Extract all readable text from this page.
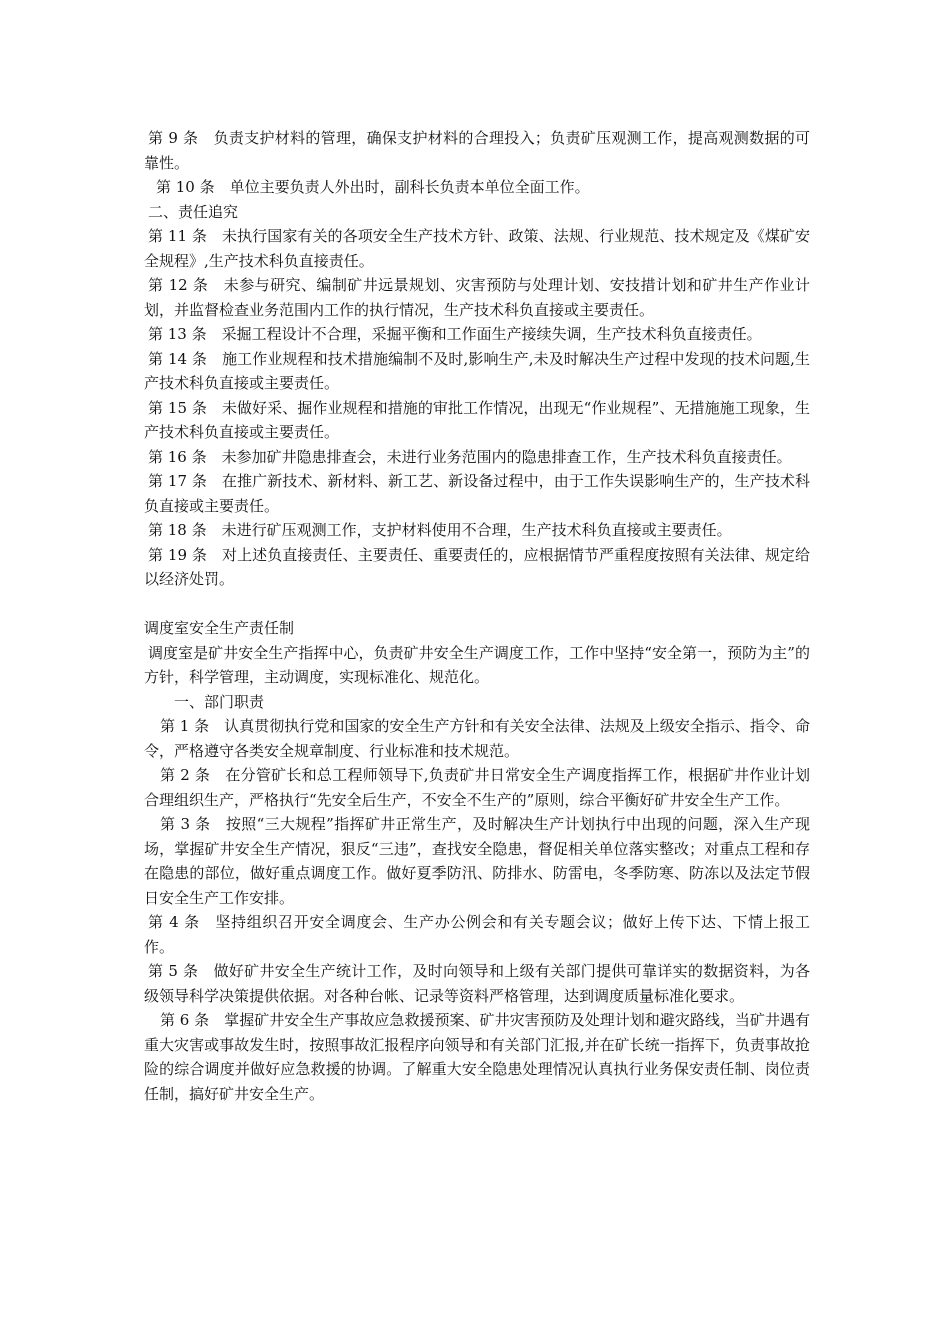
第 9 条　负责支护材料的管理，确保支护材料的合理投入；负责矿压观测工作，提高观测数据的可靠性。

第 10 条　单位主要负责人外出时，副科长负责本单位全面工作。

二、责任追究

第 11 条　未执行国家有关的各项安全生产技术方针、政策、法规、行业规范、技术规定及《煤矿安全规程》,生产技术科负直接责任。

第 12 条　未参与研究、编制矿井远景规划、灾害预防与处理计划、安技措计划和矿井生产作业计划，并监督检查业务范围内工作的执行情况，生产技术科负直接或主要责任。

第 13 条　采掘工程设计不合理，采掘平衡和工作面生产接续失调，生产技术科负直接责任。

第 14 条　施工作业规程和技术措施编制不及时,影响生产,未及时解决生产过程中发现的技术问题,生产技术科负直接或主要责任。

第 15 条　未做好采、掘作业规程和措施的审批工作情况，出现无“作业规程”、无措施施工现象，生产技术科负直接或主要责任。

第 16 条　未参加矿井隐患排查会，未进行业务范围内的隐患排查工作，生产技术科负直接责任。

第 17 条　在推广新技术、新材料、新工艺、新设备过程中，由于工作失误影响生产的，生产技术科负直接或主要责任。

第 18 条　未进行矿压观测工作，支护材料使用不合理，生产技术科负直接或主要责任。

第 19 条　对上述负直接责任、主要责任、重要责任的，应根据情节严重程度按照有关法律、规定给以经济处罚。

调度室安全生产责任制

调度室是矿井安全生产指挥中心，负责矿井安全生产调度工作，工作中坚持“安全第一，预防为主”的方针，科学管理，主动调度，实现标准化、规范化。

一、部门职责

第 1 条　认真贯彻执行党和国家的安全生产方针和有关安全法律、法规及上级安全指示、指令、命令，严格遵守各类安全规章制度、行业标准和技术规范。

第 2 条　在分管矿长和总工程师领导下,负责矿井日常安全生产调度指挥工作，根据矿井作业计划合理组织生产，严格执行“先安全后生产，不安全不生产的”原则，综合平衡好矿井安全生产工作。

第 3 条　按照“三大规程”指挥矿井正常生产，及时解决生产计划执行中出现的问题，深入生产现场，掌握矿井安全生产情况，狠反“三违”，查找安全隐患，督促相关单位落实整改；对重点工程和存在隐患的部位，做好重点调度工作。做好夏季防汛、防排水、防雷电，冬季防寒、防冻以及法定节假日安全生产工作安排。

第 4 条　坚持组织召开安全调度会、生产办公例会和有关专题会议；做好上传下达、下情上报工作。

第 5 条　做好矿井安全生产统计工作，及时向领导和上级有关部门提供可靠详实的数据资料，为各级领导科学决策提供依据。对各种台帐、记录等资料严格管理，达到调度质量标准化要求。

第 6 条　掌握矿井安全生产事故应急救援预案、矿井灾害预防及处理计划和避灾路线，当矿井遇有重大灾害或事故发生时，按照事故汇报程序向领导和有关部门汇报,并在矿长统一指挥下，负责事故抢险的综合调度并做好应急救援的协调。了解重大安全隐患处理情况认真执行业务保安责任制、岗位责任制，搞好矿井安全生产。
